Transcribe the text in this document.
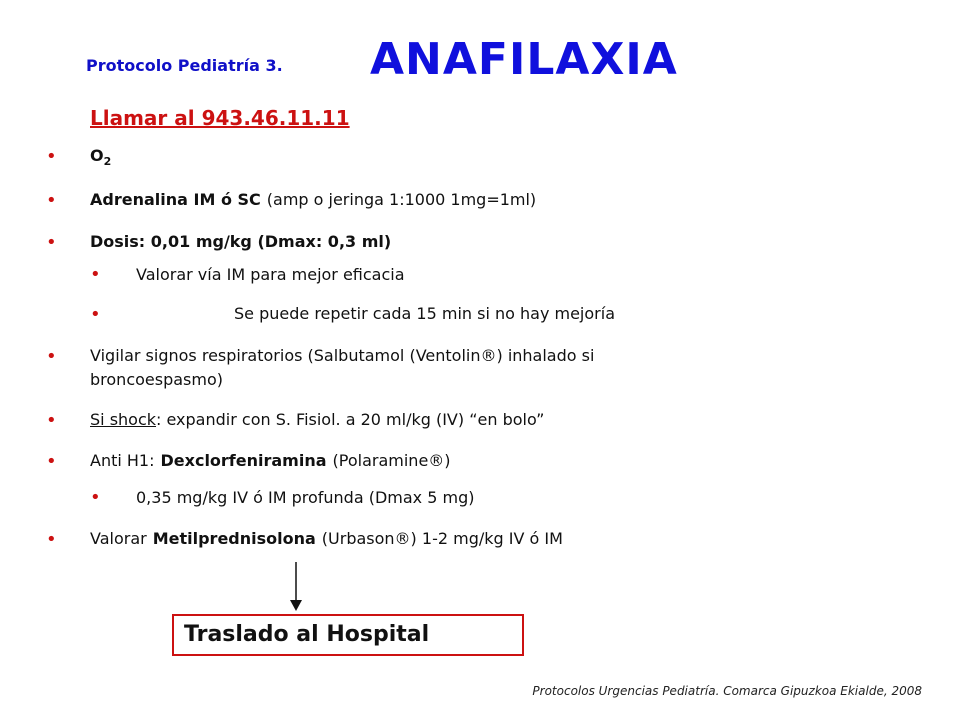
Protocolo Pediatría 3. ANAFILAXIA
Llamar al 943.46.11.11
• $O_2$
• Adrenalina IM ó SC (amp o jeringa 1:1000 1mg=1ml)
• Dosis: 0,01 mg/kg (Dmax: 0,3 ml)
• Valorar vía IM para mejor eficacia
•	Se puede repetir cada 15 min si no hay mejoría
• Vigilar signos respiratorios (Salbutamol (Ventolin®) inhalado si
broncoespasmo)
• Si shock: expandir con S. Fisiol. a 20 ml/kg (IV) “en bolo”
• Anti H1: Dexclorfeniramina (Polaramine®)
• 0,35 mg/kg IV ó IM profunda (Dmax 5 mg)
• Valorar Metilprednisolona (Urbason®) 1-2 mg/kg IV ó IM
Traslado al Hospital
Protocolos Urgencias Pediatría. Comarca Gipuzkoa Ekialde, 2008
